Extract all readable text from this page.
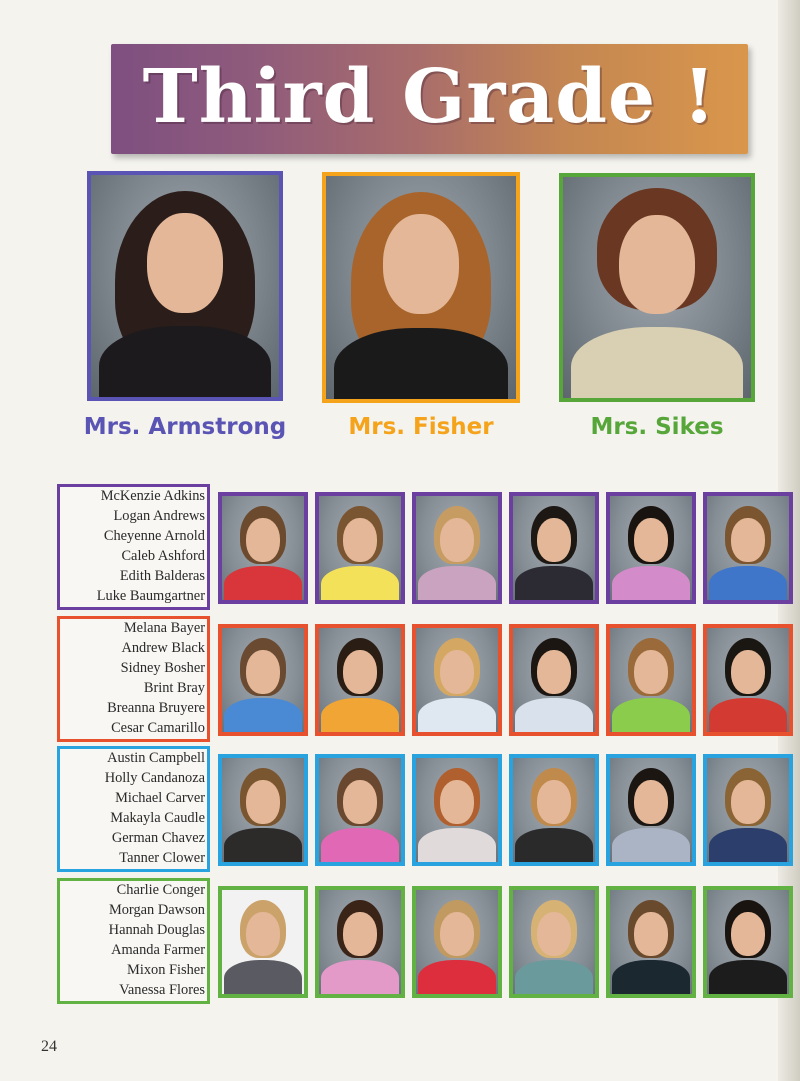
Third Grade !
Mrs. Armstrong	Mrs. Fisher	Mrs. Sikes
McKenzie Adkins
Logan Andrews
Cheyenne Arnold
Caleb Ashford
Edith Balderas
Luke Baumgartner
Melana Bayer
Andrew Black
Sidney Bosher
Brint Bray
Breanna Bruyere
Cesar Camarillo
Austin Campbell
Holly Candanoza
Michael Carver
Makayla Caudle
German Chavez
Tanner Clower
Charlie Conger
Morgan Dawson
Hannah Douglas
Amanda Farmer
Mixon Fisher
Vanessa Flores
24
